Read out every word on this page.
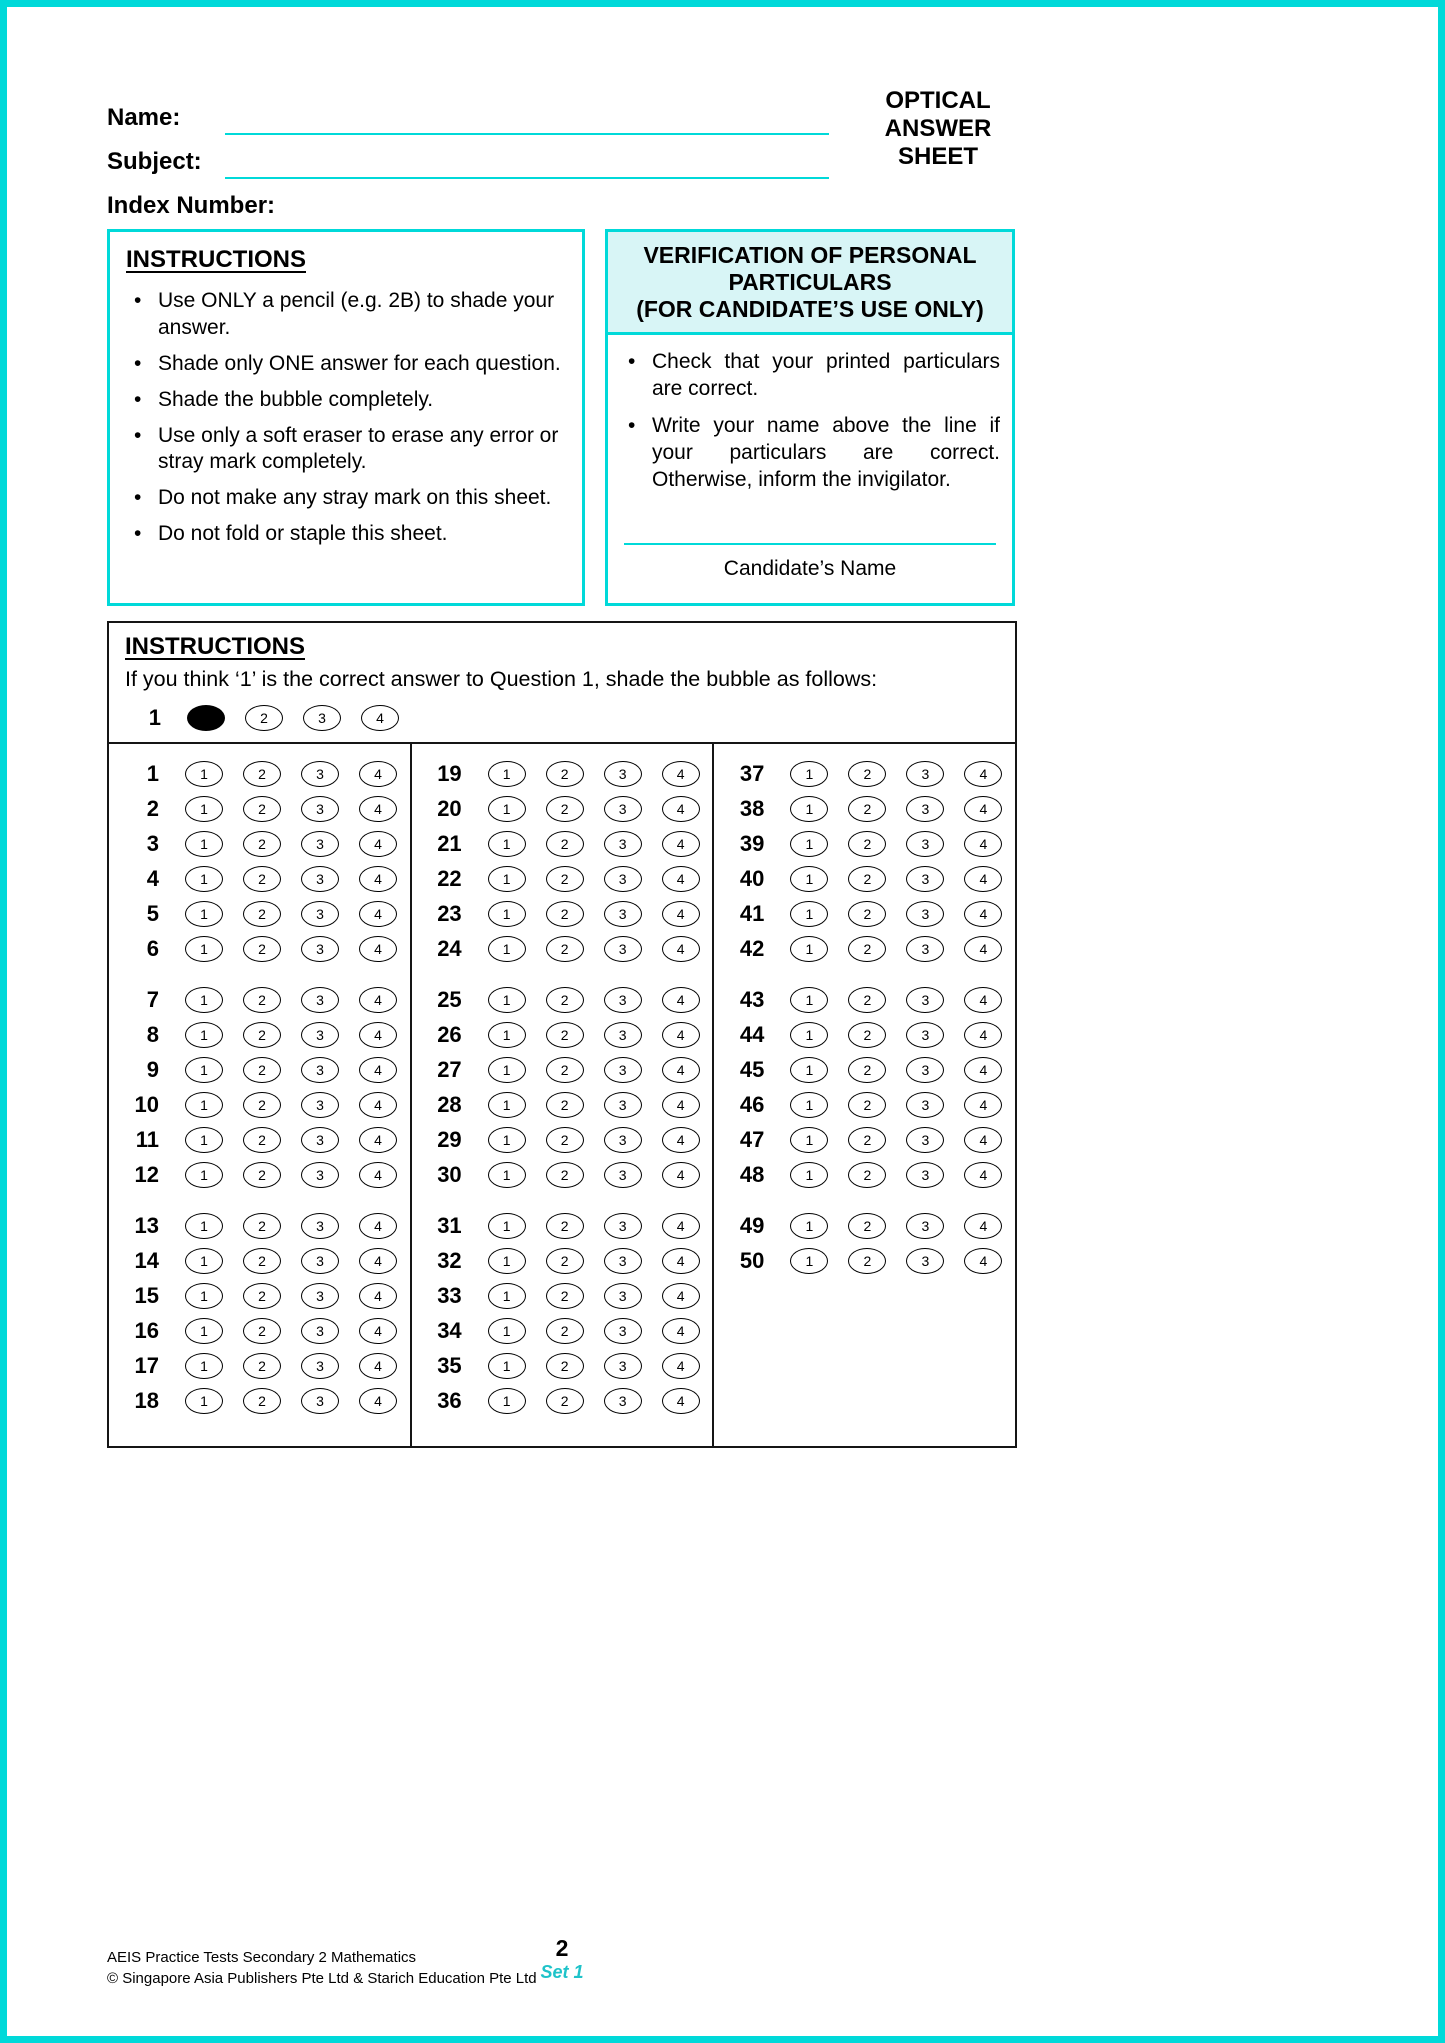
Name:
Subject:
Index Number:
OPTICAL
ANSWER
SHEET
INSTRUCTIONS
• Use ONLY a pencil (e.g. 2B) to shade your answer.
• Shade only ONE answer for each question.
• Shade the bubble completely.
• Use only a soft eraser to erase any error or stray mark completely.
• Do not make any stray mark on this sheet.
• Do not fold or staple this sheet.
VERIFICATION OF PERSONAL
PARTICULARS
(FOR CANDIDATE’S USE ONLY)
• Check that your printed particulars are correct.
• Write your name above the line if your particulars are correct. Otherwise, inform the invigilator.
Candidate’s Name
INSTRUCTIONS
If you think ‘1’ is the correct answer to Question 1, shade the bubble as follows:
1	2	3	4
1	1	2	3	4
2	1	2	3	4
3	1	2	3	4
4	1	2	3	4
5	1	2	3	4
6	1	2	3	4
7	1	2	3	4
8	1	2	3	4
9	1	2	3	4
10	1	2	3	4
11	1	2	3	4
12	1	2	3	4
13	1	2	3	4
14	1	2	3	4
15	1	2	3	4
16	1	2	3	4
17	1	2	3	4
18	1	2	3	4
19	1	2	3	4
20	1	2	3	4
21	1	2	3	4
22	1	2	3	4
23	1	2	3	4
24	1	2	3	4
25	1	2	3	4
26	1	2	3	4
27	1	2	3	4
28	1	2	3	4
29	1	2	3	4
30	1	2	3	4
31	1	2	3	4
32	1	2	3	4
33	1	2	3	4
34	1	2	3	4
35	1	2	3	4
36	1	2	3	4
37	1	2	3	4
38	1	2	3	4
39	1	2	3	4
40	1	2	3	4
41	1	2	3	4
42	1	2	3	4
43	1	2	3	4
44	1	2	3	4
45	1	2	3	4
46	1	2	3	4
47	1	2	3	4
48	1	2	3	4
49	1	2	3	4
50	1	2	3	4
AEIS Practice Tests Secondary 2 Mathematics
© Singapore Asia Publishers Pte Ltd & Starich Education Pte Ltd
2
Set 1
